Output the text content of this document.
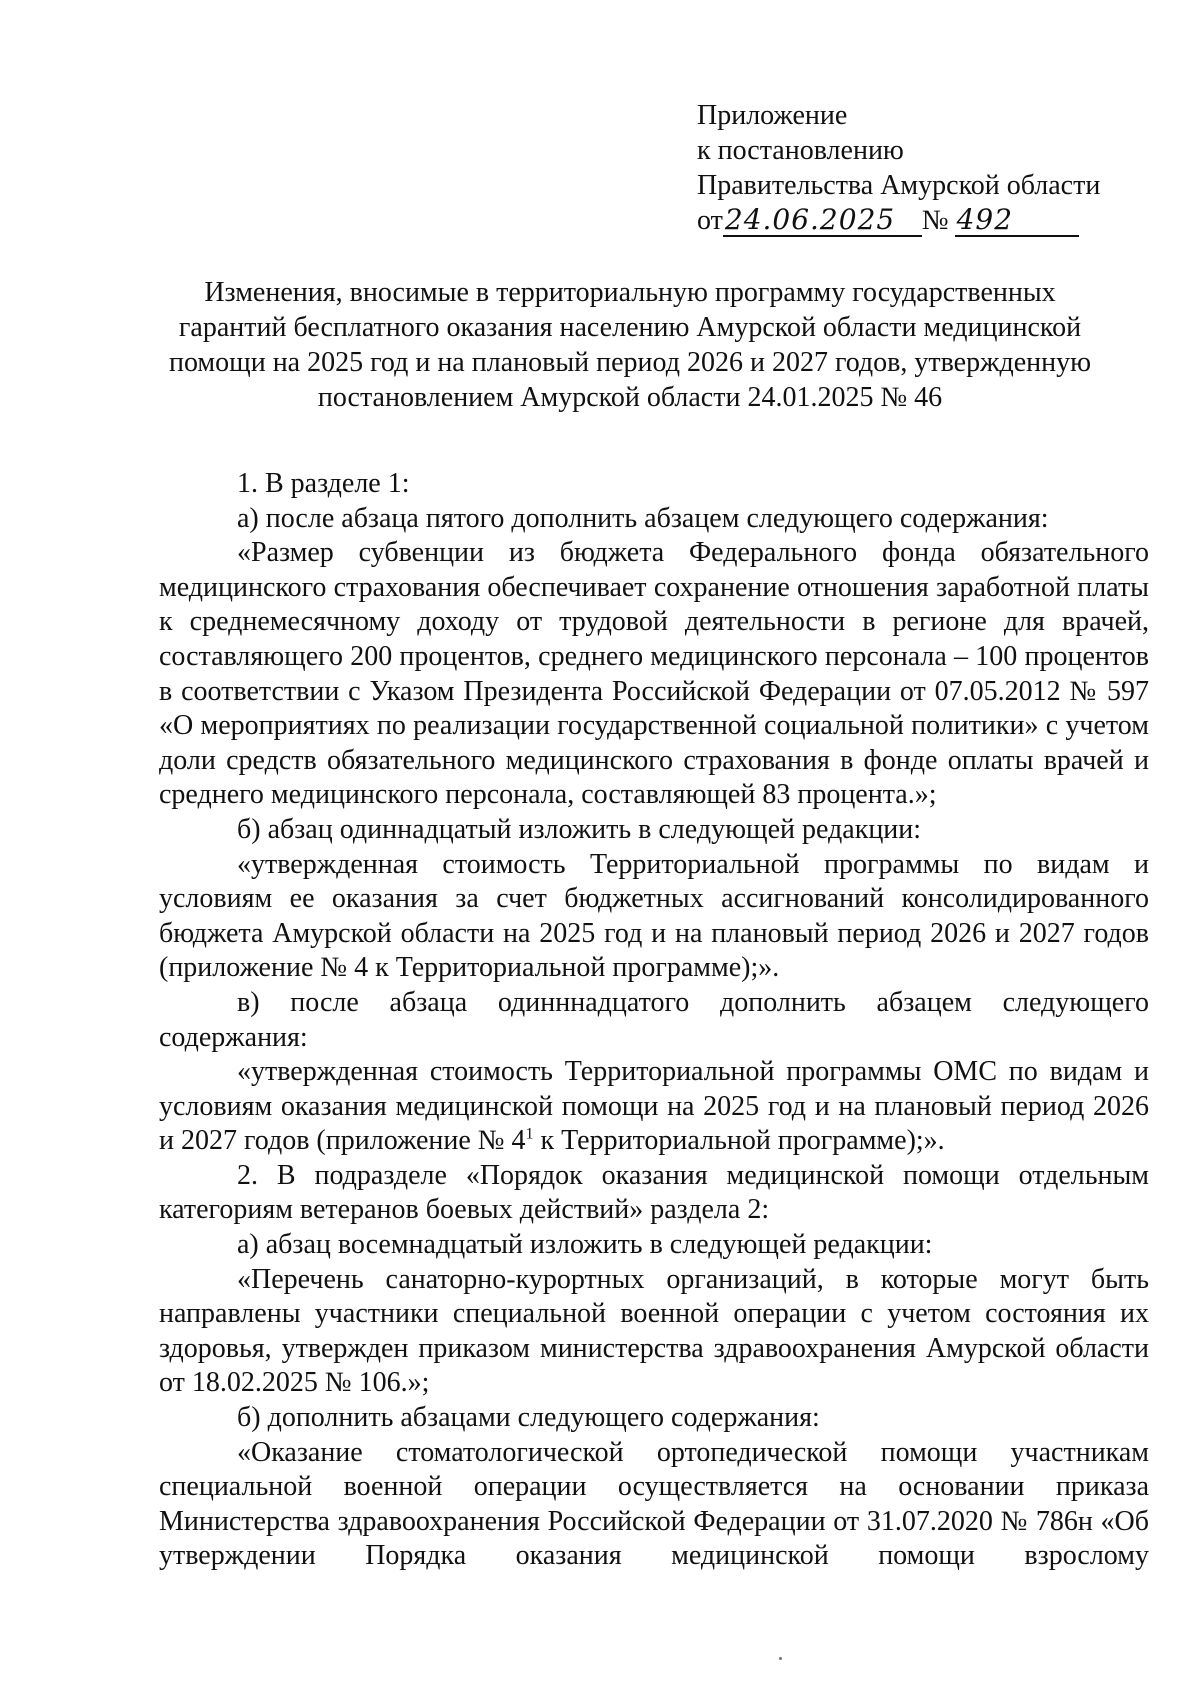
Приложение
к постановлению
Правительства Амурской области
от24.06.2025 № 492
Изменения, вносимые в территориальную программу государственных
гарантий бесплатного оказания населению Амурской области медицинской
помощи на 2025 год и на плановый период 2026 и 2027 годов, утвержденную
постановлением Амурской области 24.01.2025 № 46
1. В разделе 1:
а) после абзаца пятого дополнить абзацем следующего содержания:
«Размер субвенции из бюджета Федерального фонда обязательного медицинского страхования обеспечивает сохранение отношения заработной платы к среднемесячному доходу от трудовой деятельности в регионе для врачей, составляющего 200 процентов, среднего медицинского персонала – 100 процентов в соответствии с Указом Президента Российской Федерации от 07.05.2012 № 597 «О мероприятиях по реализации государственной социальной политики» с учетом доли средств обязательного медицинского страхования в фонде оплаты врачей и среднего медицинского персонала, составляющей 83 процента.»;
б) абзац одиннадцатый изложить в следующей редакции:
«утвержденная стоимость Территориальной программы по видам и условиям ее оказания за счет бюджетных ассигнований консолидированного бюджета Амурской области на 2025 год и на плановый период 2026 и 2027 годов (приложение № 4 к Территориальной программе);».
в) после абзаца одинннадцатого дополнить абзацем следующего содержания:
«утвержденная стоимость Территориальной программы ОМС по видам и условиям оказания медицинской помощи на 2025 год и на плановый период 2026 и 2027 годов (приложение № $4^1$ к Территориальной программе);».
2. В подразделе «Порядок оказания медицинской помощи отдельным категориям ветеранов боевых действий» раздела 2:
а) абзац восемнадцатый изложить в следующей редакции:
«Перечень санаторно-курортных организаций, в которые могут быть направлены участники специальной военной операции с учетом состояния их здоровья, утвержден приказом министерства здравоохранения Амурской области от 18.02.2025 № 106.»;
б) дополнить абзацами следующего содержания:
«Оказание стоматологической ортопедической помощи участникам специальной военной операции осуществляется на основании приказа Министерства здравоохранения Российской Федерации от 31.07.2020 № 786н «Об утверждении Порядка оказания медицинской помощи взрослому
